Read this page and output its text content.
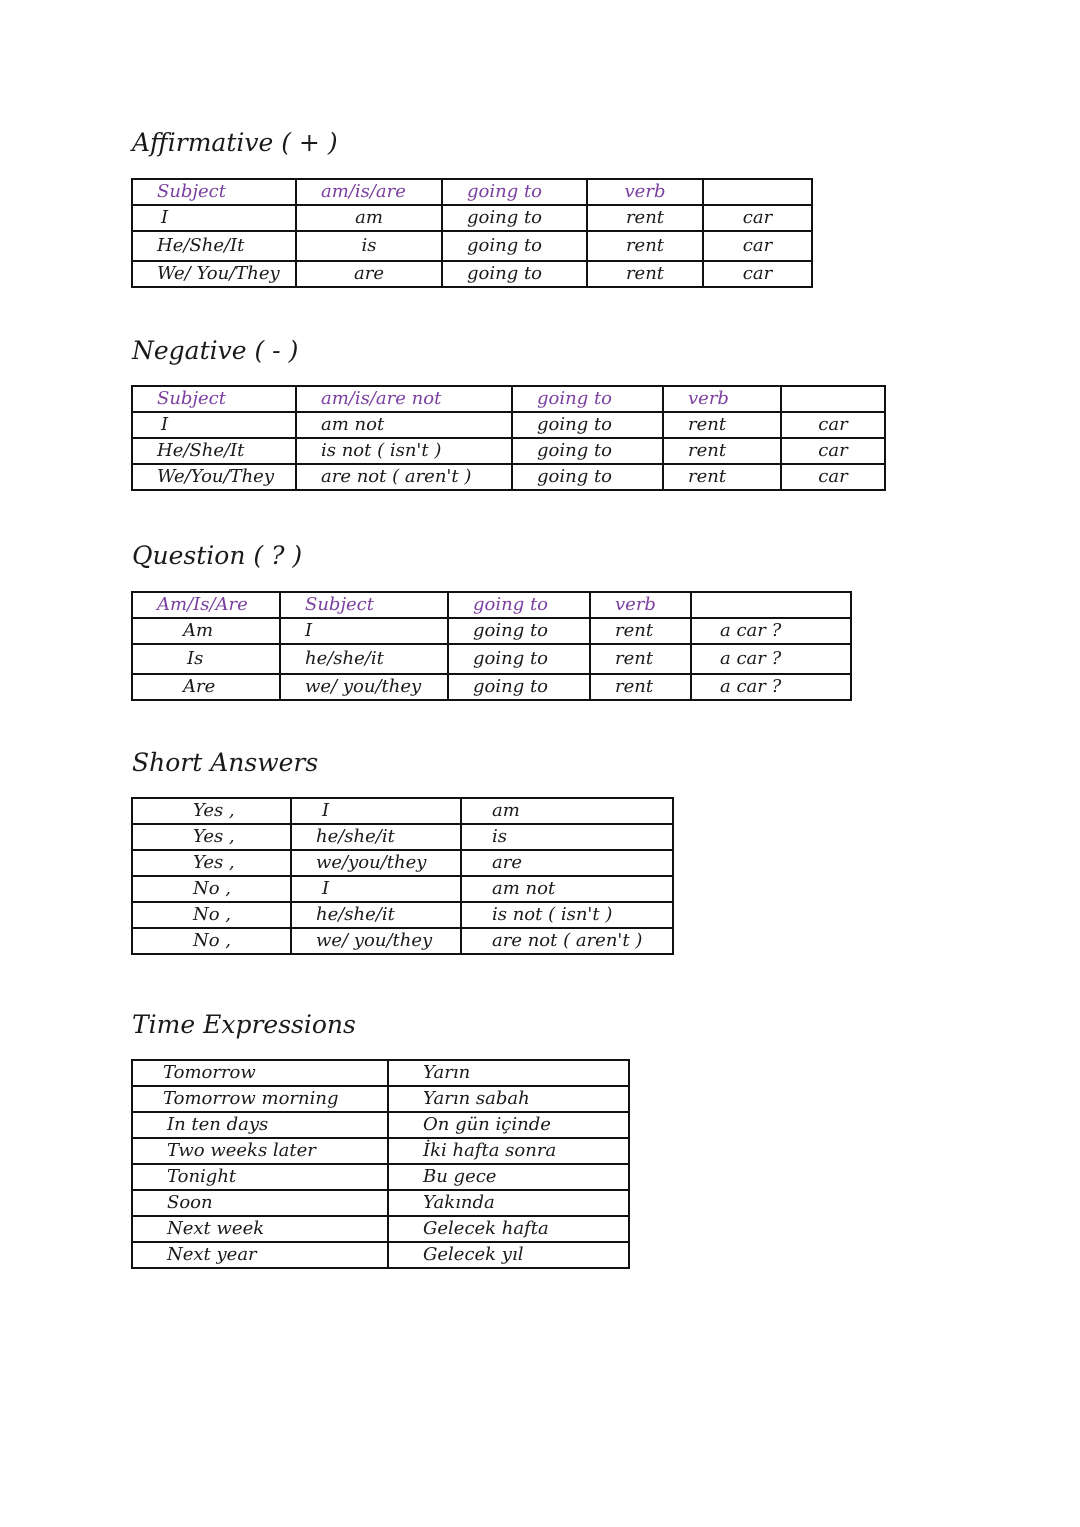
Affirmative ( + )
Subject	am/is/are	going to	verb	
I	am	going to	rent	car
He/She/It	is	going to	rent	car
We/ You/They	are	going to	rent	car
Negative ( - )
Subject	am/is/are not	going to	verb	
I	am not	going to	rent	car
He/She/It	is not ( isn't )	going to	rent	car
We/You/They	are not ( aren't )	going to	rent	car
Question ( ? )
Am/Is/Are	Subject	going to	verb	
Am	I	going to	rent	a car ?
Is	he/she/it	going to	rent	a car ?
Are	we/ you/they	going to	rent	a car ?
Short Answers
Yes ,	I	am
Yes ,	he/she/it	is
Yes ,	we/you/they	are
No ,	I	am not
No ,	he/she/it	is not ( isn't )
No ,	we/ you/they	are not ( aren't )
Time Expressions
Tomorrow	Yarın
Tomorrow morning	Yarın sabah
In ten days	On gün içinde
Two weeks later	İki hafta sonra
Tonight	Bu gece
Soon	Yakında
Next week	Gelecek hafta
Next year	Gelecek yıl
